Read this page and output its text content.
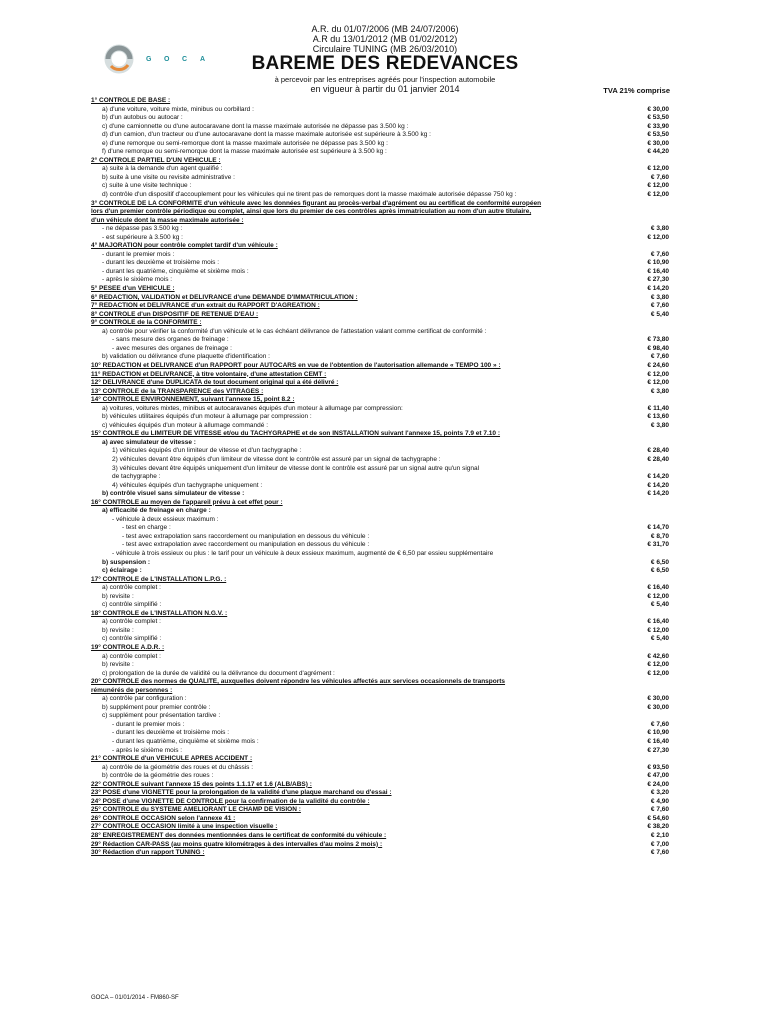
A.R. du 01/07/2006 (MB 24/07/2006)
A.R du 13/01/2012 (MB 01/02/2012)
Circulaire TUNING (MB 26/03/2010)
G O C A	BAREME DES REDEVANCES
à percevoir par les entreprises agréés pour l'inspection automobile
en vigueur à partir du 01 janvier 2014	TVA 21% comprise
1° CONTROLE DE BASE :
a) d'une voiture, voiture mixte, minibus ou corbillard :	€ 30,00
b) d'un autobus ou autocar :	€ 53,50
c) d'une camionnette ou d'une autocaravane dont la masse maximale autorisée ne dépasse pas 3.500 kg :	€ 33,90
d) d'un camion, d'un tracteur ou d'une autocaravane dont la masse maximale autorisée est supérieure à 3.500 kg :	€ 53,50
e) d'une remorque ou semi-remorque dont la masse maximale autorisée ne dépasse pas 3.500 kg :	€ 30,00
f) d'une remorque ou semi-remorque dont la masse maximale autorisée est supérieure à 3.500 kg :	€ 44,20
2° CONTROLE PARTIEL D'UN VEHICULE :
a) suite à la demande d'un agent qualifié :	€ 12,00
b) suite à une visite ou revisite administrative :	€ 7,60
c) suite à une visite technique :	€ 12,00
d) contrôle d'un dispositif d'accouplement pour les véhicules qui ne tirent pas de remorques dont la masse maximale autorisée dépasse 750 kg :	€ 12,00
3° CONTROLE DE LA CONFORMITE d'un véhicule avec les données figurant au procès-verbal d'agrément ou au certificat de conformité européen
lors d'un premier contrôle périodique ou complet, ainsi que lors du premier de ces contrôles après immatriculation au nom d'un autre titulaire,
d'un véhicule dont la masse maximale autorisée :
- ne dépasse pas 3.500 kg :	€ 3,80
- est supérieure à 3.500 kg :	€ 12,00
4° MAJORATION pour contrôle complet tardif d'un véhicule :
- durant le premier mois :	€ 7,60
- durant les deuxième et troisième mois :	€ 10,90
- durant les quatrième, cinquième et sixième mois :	€ 16,40
- après le sixième mois :	€ 27,30
5° PESEE d'un VEHICULE :	€ 14,20
6° REDACTION, VALIDATION et DELIVRANCE d'une DEMANDE D'IMMATRICULATION :	€ 3,80
7° REDACTION et DELIVRANCE d'un extrait du RAPPORT D'AGREATION :	€ 7,60
8° CONTROLE d'un DISPOSITIF DE RETENUE D'EAU :	€ 5,40
9° CONTROLE de la CONFORMITE :
a) contrôle pour vérifier la conformité d'un véhicule et le cas échéant délivrance de l'attestation valant comme certificat de conformité :
- sans mesure des organes de freinage :	€ 73,80
- avec mesures des organes de freinage :	€ 98,40
b) validation ou délivrance d'une plaquette d'identification :	€ 7,60
10° REDACTION et DELIVRANCE d'un RAPPORT pour AUTOCARS en vue de l'obtention de l'autorisation allemande « TEMPO 100 » :	€ 24,60
11° REDACTION et DELIVRANCE, à titre volontaire, d'une attestation CEMT :	€ 12,00
12° DELIVRANCE d'une DUPLICATA de tout document original qui a été délivré :	€ 12,00
13° CONTROLE de la TRANSPARENCE des VITRAGES :	€ 3,80
14° CONTROLE ENVIRONNEMENT, suivant l'annexe 15, point 8.2 :
a) voitures, voitures mixtes, minibus et autocaravanes équipés d'un moteur à allumage par compression:	€ 11,40
b) véhicules utilitaires équipés d'un moteur à allumage par compression :	€ 13,60
c) véhicules équipés d'un moteur à allumage commandé :	€ 3,80
15° CONTROLE du LIMITEUR DE VITESSE et/ou du TACHYGRAPHE et de son INSTALLATION suivant l'annexe 15, points 7.9 et 7.10 :
a) avec simulateur de vitesse :
1) véhicules équipés d'un limiteur de vitesse et d'un tachygraphe :	€ 28,40
2) véhicules devant être équipés d'un limiteur de vitesse dont le contrôle est assuré par un signal de tachygraphe :	€ 28,40
3) véhicules devant être équipés uniquement d'un limiteur de vitesse dont le contrôle est assuré par un signal autre qu'un signal
de tachygraphe :	€ 14,20
4) véhicules équipés d'un tachygraphe uniquement :	€ 14,20
b) contrôle visuel sans simulateur de vitesse :	€ 14,20
16° CONTROLE au moyen de l'appareil prévu à cet effet pour :
a) efficacité de freinage en charge :
- véhicule à deux essieux maximum :
- test en charge :	€ 14,70
- test avec extrapolation sans raccordement ou manipulation en dessous du véhicule :	€ 8,70
- test avec extrapolation avec raccordement ou manipulation en dessous du véhicule :	€ 31,70
- véhicule à trois essieux ou plus : le tarif pour un véhicule à deux essieux maximum, augmenté de € 6,50 par essieu supplémentaire
b) suspension :	€ 6,50
c) éclairage :	€ 6,50
17° CONTROLE de L'INSTALLATION L.P.G. :
a) contrôle complet :	€ 16,40
b) revisite :	€ 12,00
c) contrôle simplifié :	€ 5,40
18° CONTROLE de L'INSTALLATION N.G.V. :
a) contrôle complet :	€ 16,40
b) revisite :	€ 12,00
c) contrôle simplifié :	€ 5,40
19° CONTROLE A.D.R. :
a) contrôle complet :	€ 42,60
b) revisite :	€ 12,00
c) prolongation de la durée de validité ou la délivrance du document d'agrément :	€ 12,00
20° CONTROLE des normes de QUALITE, auxquelles doivent répondre les véhicules affectés aux services occasionnels de transports
rémunérés de personnes :
a) contrôle par configuration :	€ 30,00
b) supplément pour premier contrôle :	€ 30,00
c) supplément pour présentation tardive :
- durant le premier mois :	€ 7,60
- durant les deuxième et troisième mois :	€ 10,90
- durant les quatrième, cinquième et sixième mois :	€ 16,40
- après le sixième mois :	€ 27,30
21° CONTROLE d'un VEHICULE APRES ACCIDENT :
a) contrôle de la géométrie des roues et du châssis :	€ 93,50
b) contrôle de la géométrie des roues :	€ 47,00
22° CONTROLE suivant l'annexe 15 des points 1.1.17 et 1.6 (ALB/ABS) :	€ 24,00
23° POSE d'une VIGNETTE pour la prolongation de la validité d'une plaque marchand ou d'essai :	€ 3,20
24° POSE d'une VIGNETTE DE CONTROLE pour la confirmation de la validité du contrôle :	€ 4,90
25° CONTROLE du SYSTEME AMELIORANT LE CHAMP DE VISION :	€ 7,60
26° CONTROLE OCCASION selon l'annexe 41 :	€ 54,60
27° CONTROLE OCCASION limité à une inspection visuelle :	€ 38,20
28° ENREGISTREMENT des données mentionnées dans le certificat de conformité du véhicule :	€ 2,10
29° Rédaction CAR-PASS (au moins quatre kilométrages à des intervalles d'au moins 2 mois) :	€ 7,00
30° Rédaction d'un rapport TUNING :	€ 7,60
GOCA – 01/01/2014 - FM860-SF
